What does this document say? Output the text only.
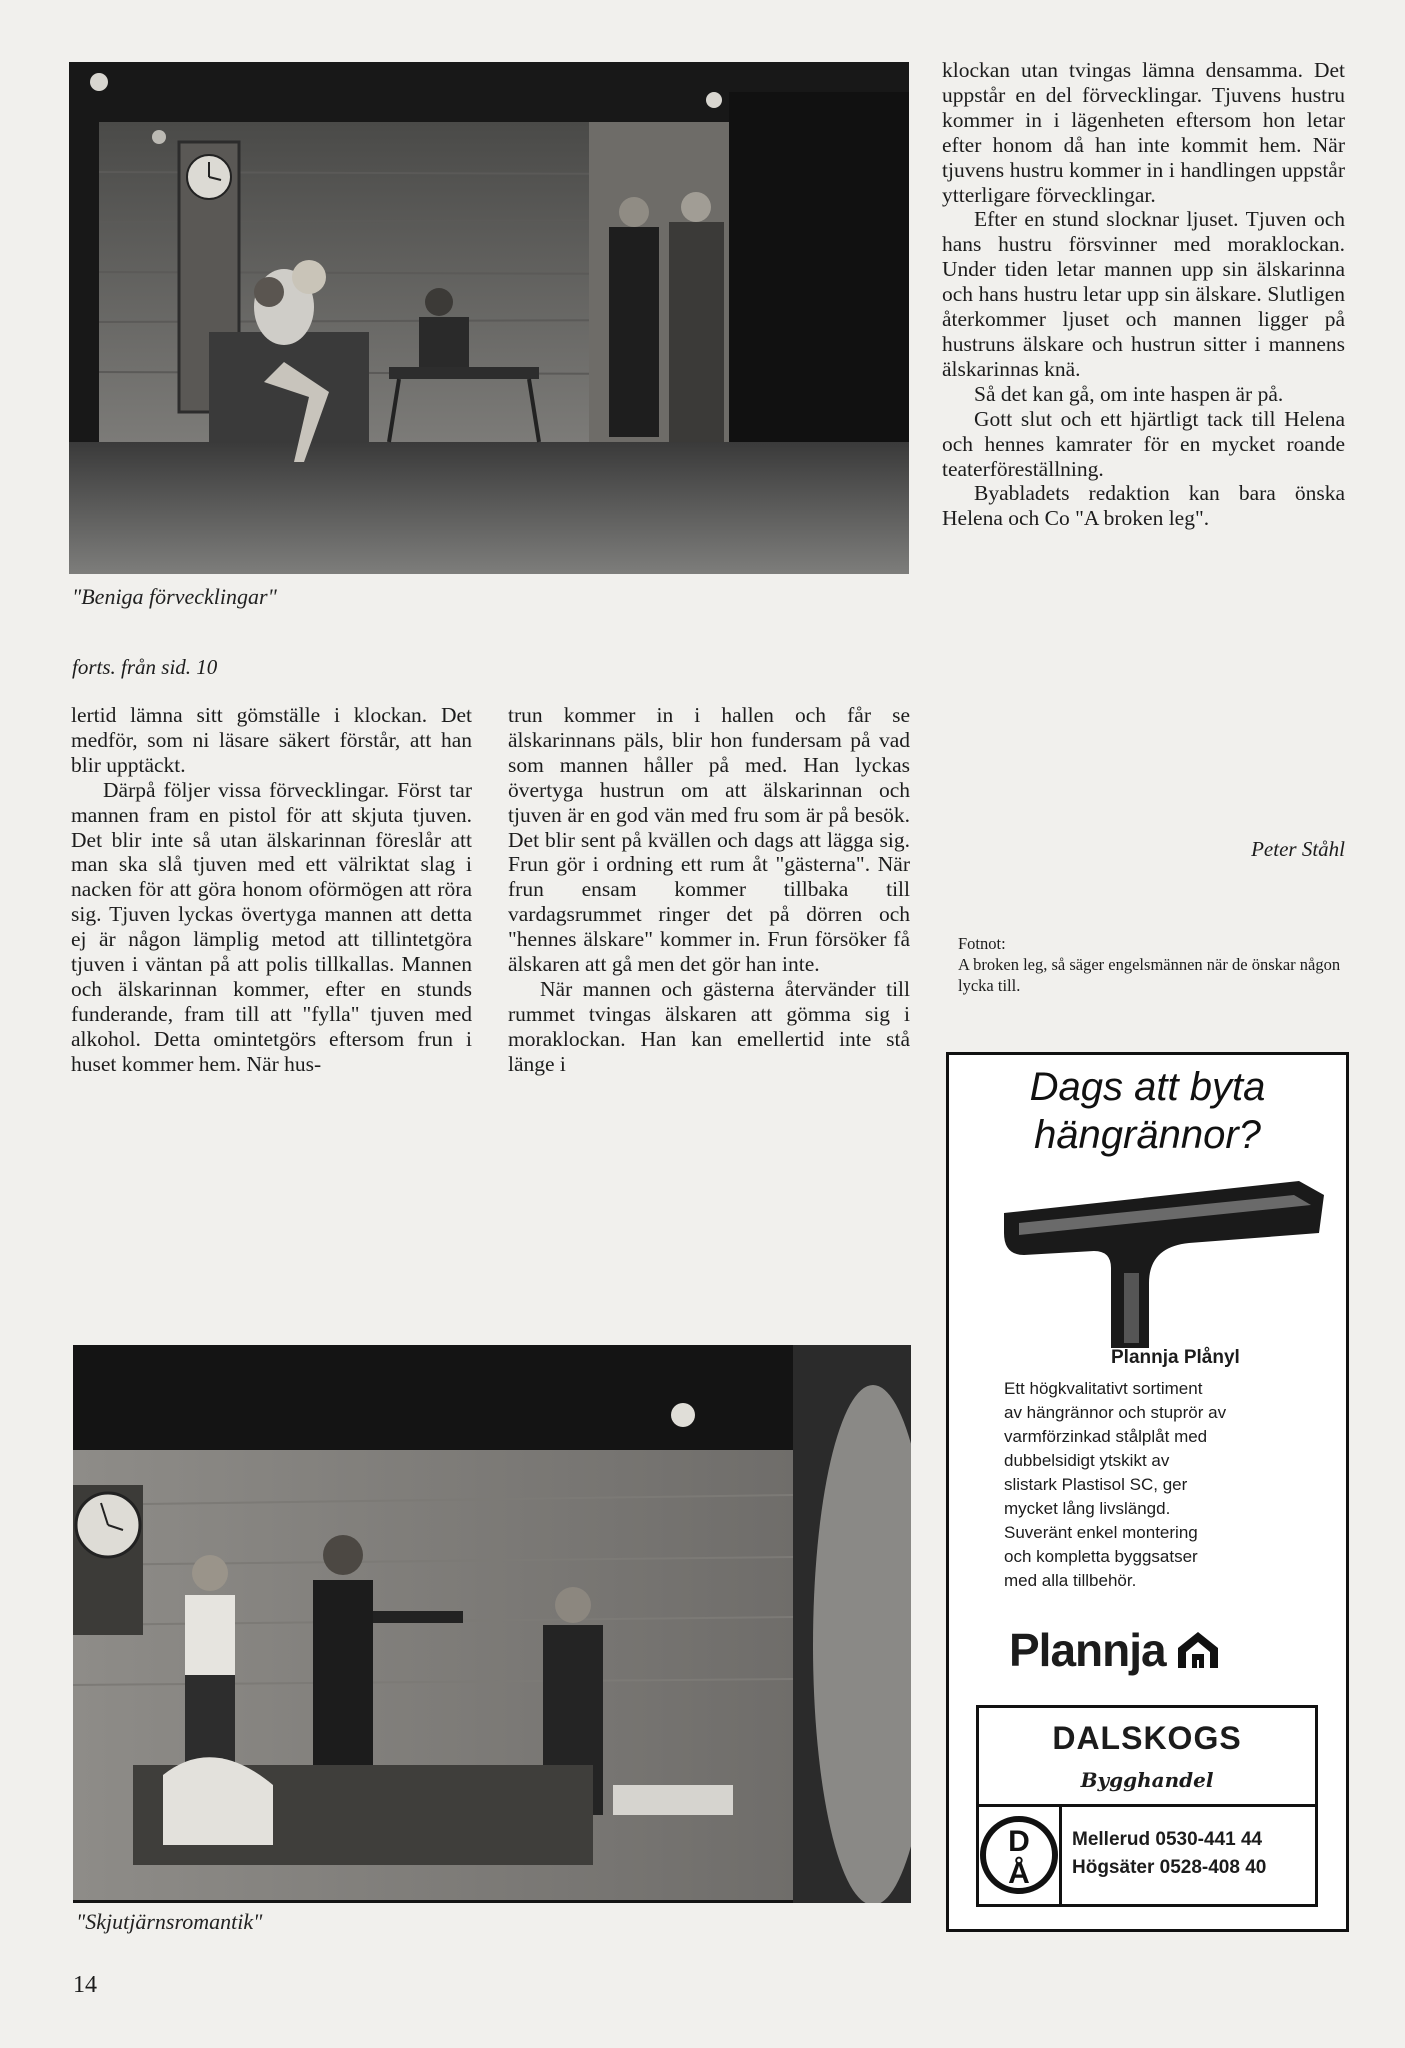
"Beniga förvecklingar"
forts. från sid. 10

lertid lämna sitt gömställe i klockan. Det medför, som ni läsare säkert förstår, att han blir upptäckt.

Därpå följer vissa förvecklingar. Först tar mannen fram en pistol för att skjuta tjuven. Det blir inte så utan älskarinnan föreslår att man ska slå tjuven med ett välriktat slag i nacken för att göra honom oförmögen att röra sig. Tjuven lyckas övertyga mannen att detta ej är någon lämplig metod att tillintetgöra tjuven i väntan på att polis tillkallas. Mannen och älskarinnan kommer, efter en stunds funderande, fram till att "fylla" tjuven med alkohol. Detta omintetgörs eftersom frun i huset kommer hem. När hus-

trun kommer in i hallen och får se älskarinnans päls, blir hon fundersam på vad som mannen håller på med. Han lyckas övertyga hustrun om att älskarinnan och tjuven är en god vän med fru som är på besök. Det blir sent på kvällen och dags att lägga sig. Frun gör i ordning ett rum åt "gästerna". När frun ensam kommer tillbaka till vardagsrummet ringer det på dörren och "hennes älskare" kommer in. Frun försöker få älskaren att gå men det gör han inte.

När mannen och gästerna återvänder till rummet tvingas älskaren att gömma sig i moraklockan. Han kan emellertid inte stå länge i

klockan utan tvingas lämna densamma. Det uppstår en del förvecklingar. Tjuvens hustru kommer in i lägenheten eftersom hon letar efter honom då han inte kommit hem. När tjuvens hustru kommer in i handlingen uppstår ytterligare förvecklingar.

Efter en stund slocknar ljuset. Tjuven och hans hustru försvinner med moraklockan. Under tiden letar mannen upp sin älskarinna och hans hustru letar upp sin älskare. Slutligen återkommer ljuset och mannen ligger på hustruns älskare och hustrun sitter i mannens älskarinnas knä.

Så det kan gå, om inte haspen är på.

Gott slut och ett hjärtligt tack till Helena och hennes kamrater för en mycket roande teaterföreställning.

Byabladets redaktion kan bara önska Helena och Co "A broken leg".

Peter Ståhl
Fotnot:
A broken leg, så säger engelsmännen när de önskar någon lycka till.
Dags att byta
hängrännor?
Plannja Plånyl
Ett högkvalitativt sortiment
av hängrännor och stuprör av
varmförzinkad stålplåt med
dubbelsidigt ytskikt av
slistark Plastisol SC, ger
mycket lång livslängd.
Suveränt enkel montering
och kompletta byggsatser
med alla tillbehör.
Plannja
DALSKOGS
Bygghandel
D
Å
Mellerud 0530-441 44
Högsäter 0528-408 40
"Skjutjärnsromantik"
14
